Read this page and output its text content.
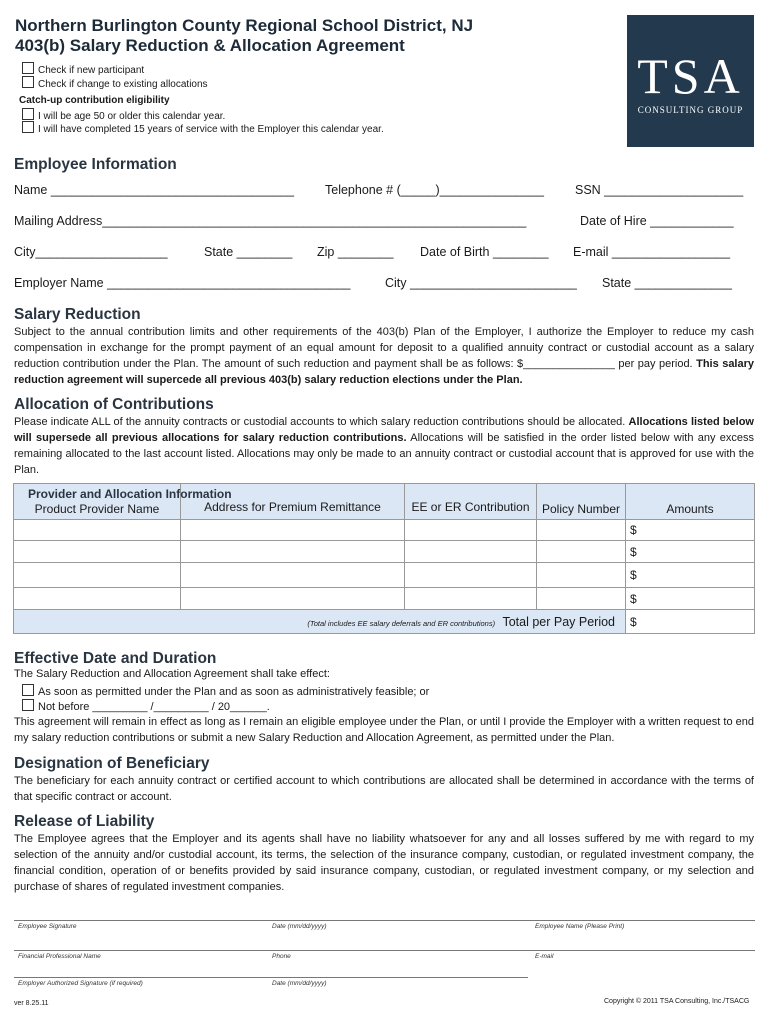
Northern Burlington County Regional School District, NJ
403(b) Salary Reduction & Allocation Agreement
Check if new participant
Check if change to existing allocations
Catch-up contribution eligibility
I will be age 50 or older this calendar year.
I will have completed 15 years of service with the Employer this calendar year.
TSA
CONSULTING GROUP
Employee Information
Name ___________________________________ Telephone # (_____)_______________ SSN ____________________
Mailing Address_____________________________________________________________	Date of Hire ____________
City___________________	State ________ Zip ________ Date of Birth ________ E-mail _________________
Employer Name ___________________________________	City ________________________ State ______________
Salary Reduction
Subject to the annual contribution limits and other requirements of the 403(b) Plan of the Employer, I authorize the Employer to reduce my cash compensation in exchange for the prompt payment of an equal amount for deposit to a qualified annuity contract or custodial account as a salary reduction contribution under the Plan. The amount of such reduction and payment shall be as follows: $_______________ per pay period. This salary reduction agreement will supercede all previous 403(b) salary reduction elections under the Plan.
Allocation of Contributions
Please indicate ALL of the annuity contracts or custodial accounts to which salary reduction contributions should be allocated. Allocations listed below will supersede all previous allocations for salary reduction contributions. Allocations will be satisfied in the order listed below with any excess remaining allocated to the last account listed. Allocations may only be made to an annuity contract or custodial account that is approved for use with the Plan.
Provider and Allocation Information
Product Provider Name	Address for Premium Remittance	EE or ER Contribution	Policy Number	Amounts
				$
				$
				$
				$
(Total includes EE salary deferrals and ER contributions) Total per Pay Period				$
Effective Date and Duration
The Salary Reduction and Allocation Agreement shall take effect:
As soon as permitted under the Plan and as soon as administratively feasible; or
Not before _________ /_________ / 20______.
This agreement will remain in effect as long as I remain an eligible employee under the Plan, or until I provide the Employer with a written request to end my salary reduction contributions or submit a new Salary Reduction and Allocation Agreement, as permitted under the Plan.
Designation of Beneficiary
The beneficiary for each annuity contract or certified account to which contributions are allocated shall be determined in accordance with the terms of that specific contract or account.
Release of Liability
The Employee agrees that the Employer and its agents shall have no liability whatsoever for any and all losses suffered by me with regard to my selection of the annuity and/or custodial account, its terms, the selection of the insurance company, custodian, or regulated investment company, the financial condition, operation of or benefits provided by said insurance company, custodian, or regulated investment company, or my selection and purchase of shares of regulated investment companies.
Employee Signature	Date (mm/dd/yyyy)	Employee Name (Please Print)
Financial Professional Name	Phone	E-mail
Employer Authorized Signature (if required)	Date (mm/dd/yyyy)
ver 8.25.11	Copyright © 2011 TSA Consulting, Inc./TSACG
